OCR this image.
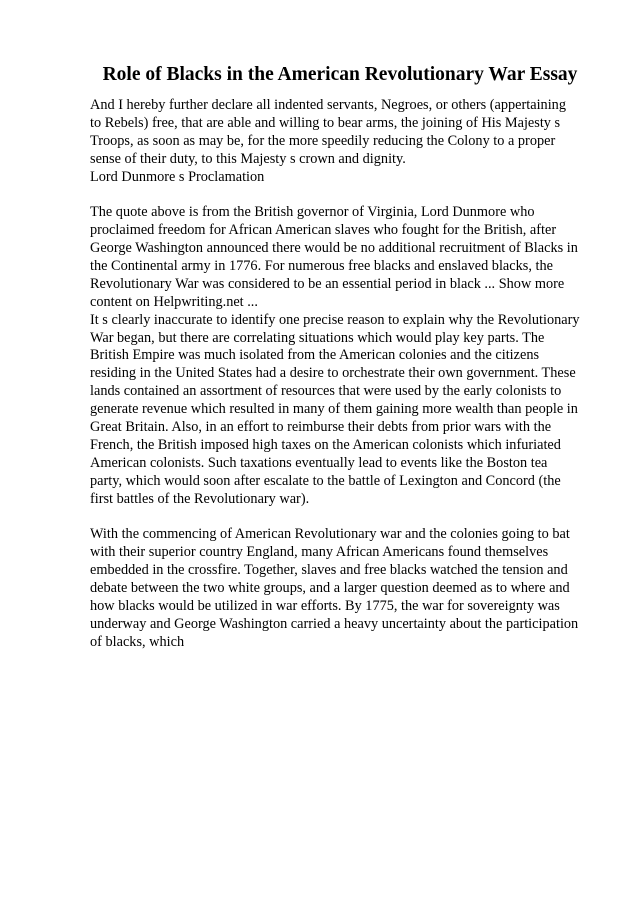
Role of Blacks in the American Revolutionary War Essay
And I hereby further declare all indented servants, Negroes, or others (appertaining
to Rebels) free, that are able and willing to bear arms, the joining of His Majesty s
Troops, as soon as may be, for the more speedily reducing the Colony to a proper
sense of their duty, to this Majesty s crown and dignity.
Lord Dunmore s Proclamation
The quote above is from the British governor of Virginia, Lord Dunmore who
proclaimed freedom for African American slaves who fought for the British, after
George Washington announced there would be no additional recruitment of Blacks in
the Continental army in 1776. For numerous free blacks and enslaved blacks, the
Revolutionary War was considered to be an essential period in black ... Show more
content on Helpwriting.net ...
It s clearly inaccurate to identify one precise reason to explain why the Revolutionary
War began, but there are correlating situations which would play key parts. The
British Empire was much isolated from the American colonies and the citizens
residing in the United States had a desire to orchestrate their own government. These
lands contained an assortment of resources that were used by the early colonists to
generate revenue which resulted in many of them gaining more wealth than people in
Great Britain. Also, in an effort to reimburse their debts from prior wars with the
French, the British imposed high taxes on the American colonists which infuriated
American colonists. Such taxations eventually lead to events like the Boston tea
party, which would soon after escalate to the battle of Lexington and Concord (the
first battles of the Revolutionary war).
With the commencing of American Revolutionary war and the colonies going to bat
with their superior country England, many African Americans found themselves
embedded in the crossfire. Together, slaves and free blacks watched the tension and
debate between the two white groups, and a larger question deemed as to where and
how blacks would be utilized in war efforts. By 1775, the war for sovereignty was
underway and George Washington carried a heavy uncertainty about the participation
of blacks, which
